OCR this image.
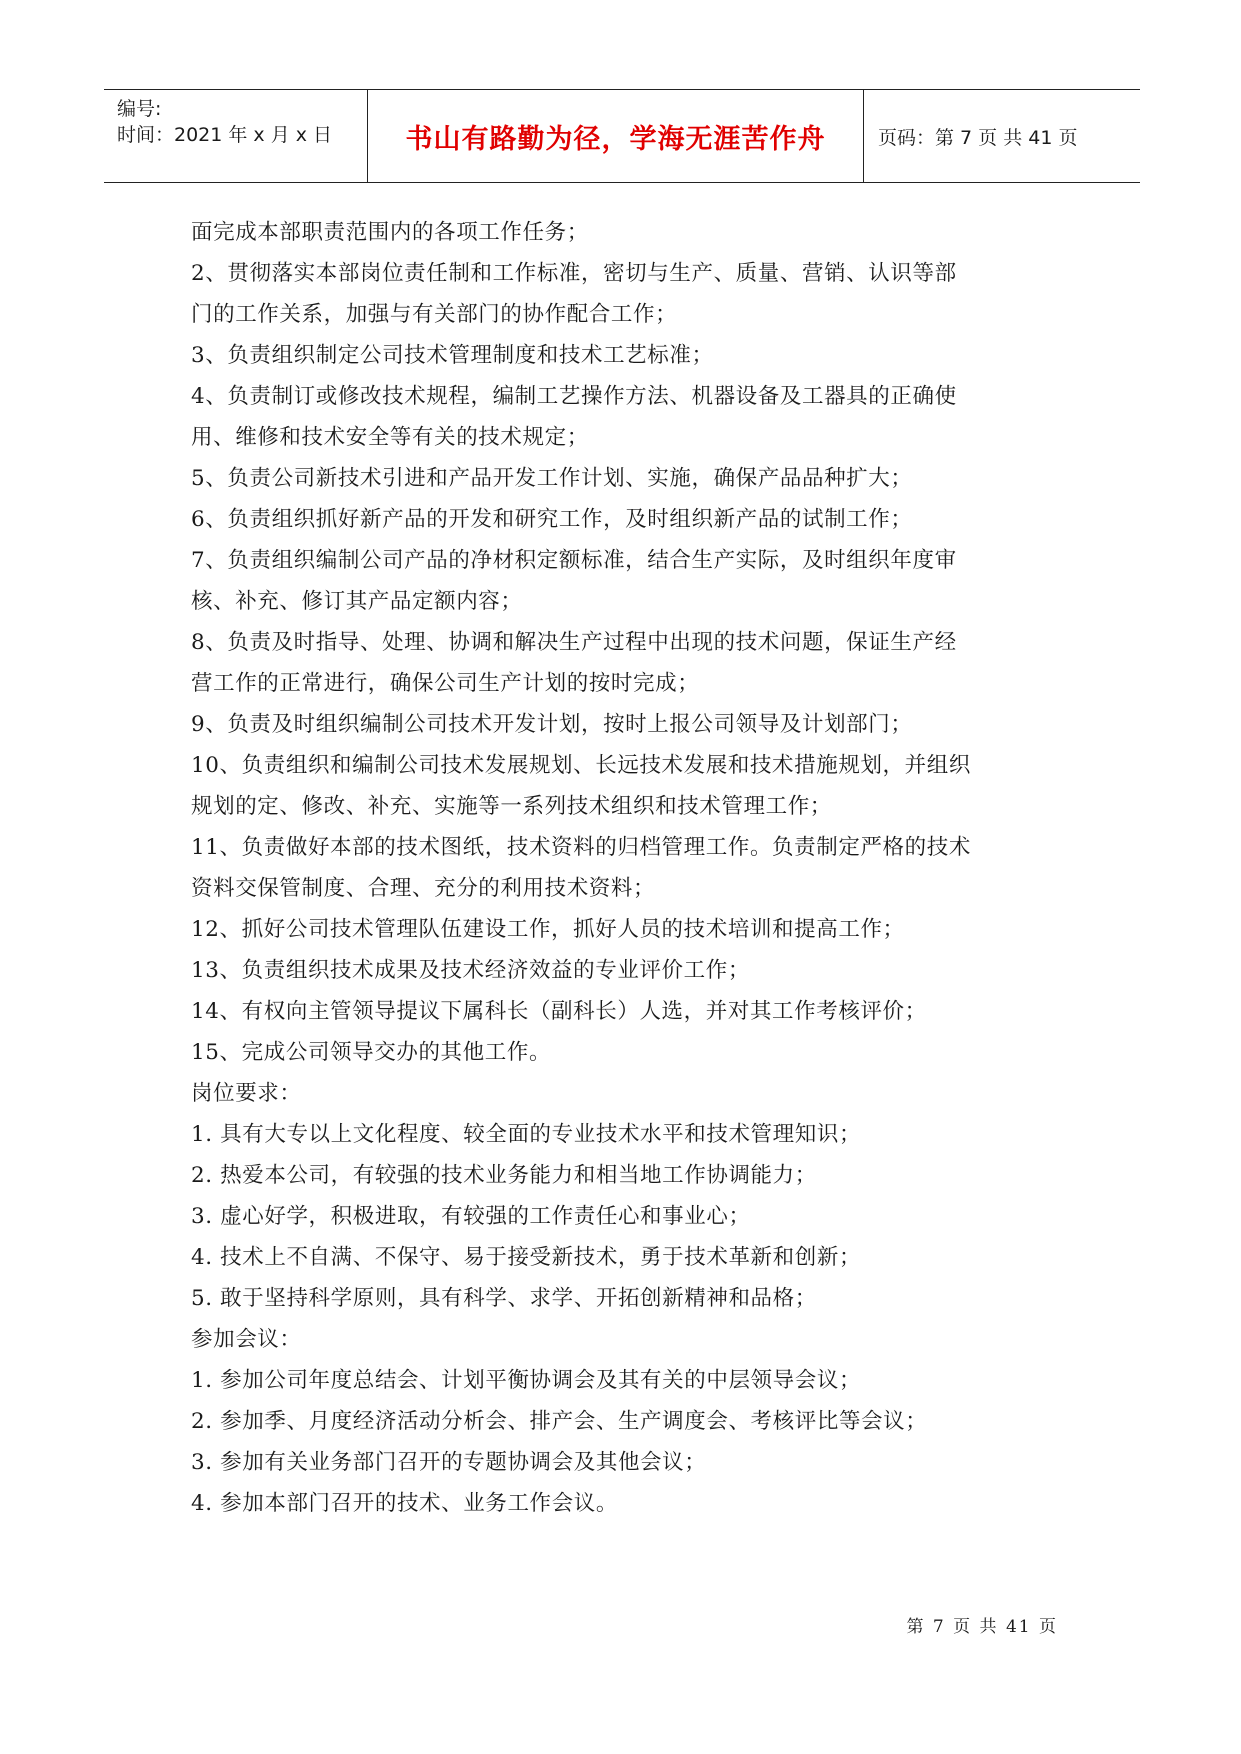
编号:
时间：2021 年 x 月 x 日	书山有路勤为径，学海无涯苦作舟	页码：第 7 页 共 41 页
面完成本部职责范围内的各项工作任务；
2、贯彻落实本部岗位责任制和工作标准，密切与生产、质量、营销、认识等部
门的工作关系，加强与有关部门的协作配合工作；
3、负责组织制定公司技术管理制度和技术工艺标准；
4、负责制订或修改技术规程，编制工艺操作方法、机器设备及工器具的正确使
用、维修和技术安全等有关的技术规定；
5、负责公司新技术引进和产品开发工作计划、实施，确保产品品种扩大；
6、负责组织抓好新产品的开发和研究工作，及时组织新产品的试制工作；
7、负责组织编制公司产品的净材积定额标准，结合生产实际，及时组织年度审
核、补充、修订其产品定额内容；
8、负责及时指导、处理、协调和解决生产过程中出现的技术问题，保证生产经
营工作的正常进行，确保公司生产计划的按时完成；
9、负责及时组织编制公司技术开发计划，按时上报公司领导及计划部门；
10、负责组织和编制公司技术发展规划、长远技术发展和技术措施规划，并组织
规划的定、修改、补充、实施等一系列技术组织和技术管理工作；
11、负责做好本部的技术图纸，技术资料的归档管理工作。负责制定严格的技术
资料交保管制度、合理、充分的利用技术资料；
12、抓好公司技术管理队伍建设工作，抓好人员的技术培训和提高工作；
13、负责组织技术成果及技术经济效益的专业评价工作；
14、有权向主管领导提议下属科长（副科长）人选，并对其工作考核评价；
15、完成公司领导交办的其他工作。
岗位要求：
1. 具有大专以上文化程度、较全面的专业技术水平和技术管理知识；
2. 热爱本公司，有较强的技术业务能力和相当地工作协调能力；
3. 虚心好学，积极进取，有较强的工作责任心和事业心；
4. 技术上不自满、不保守、易于接受新技术，勇于技术革新和创新；
5. 敢于坚持科学原则，具有科学、求学、开拓创新精神和品格；
参加会议：
1. 参加公司年度总结会、计划平衡协调会及其有关的中层领导会议；
2. 参加季、月度经济活动分析会、排产会、生产调度会、考核评比等会议；
3. 参加有关业务部门召开的专题协调会及其他会议；
4. 参加本部门召开的技术、业务工作会议。
第 7 页 共 41 页
